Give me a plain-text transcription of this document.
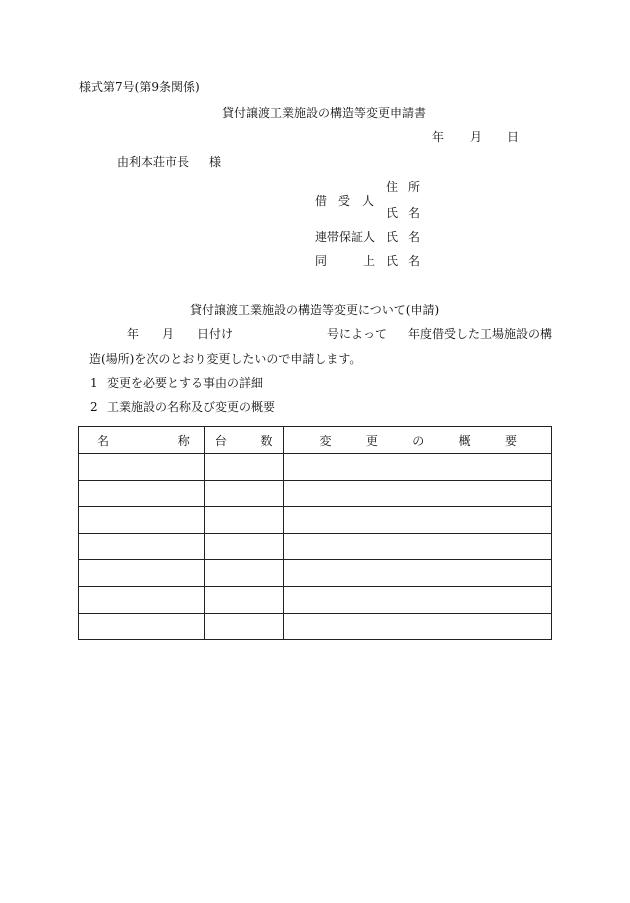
様式第7号(第9条関係)
貸付譲渡工業施設の構造等変更申請書
年 月 日
由利本荘市長 様
借 受 人
住 所
氏 名
連帯保証人 氏 名
同	上 氏 名
貸付譲渡工業施設の構造等変更について(申請)
年 月 日付け	号によって 年度借受した工場施設の構
造(場所)を次のとおり変更したいので申請します。
1 変更を必要とする事由の詳細
2 工業施設の名称及び変更の概要
名 称	台 数	変 更 の 概 要
